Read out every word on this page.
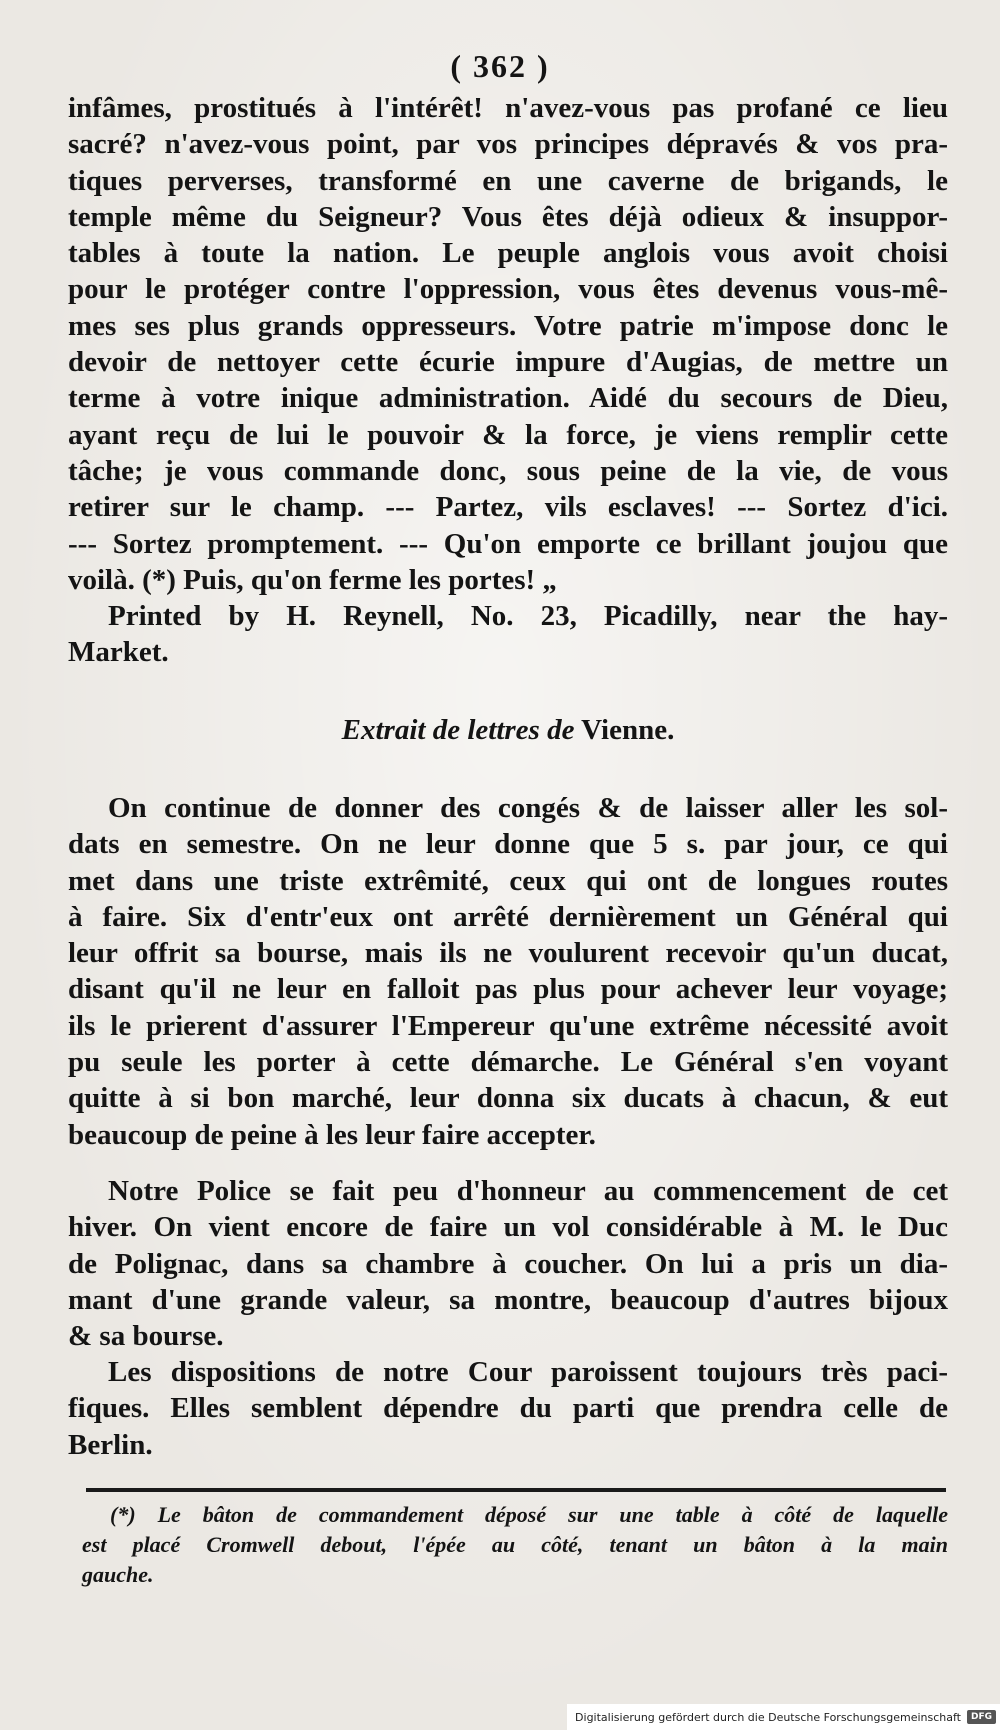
( 362 )
infâmes, prostitués à l'intérêt! n'avez-vous pas profané ce lieu
sacré? n'avez-vous point, par vos principes dépravés & vos pra-
tiques perverses, transformé en une caverne de brigands, le
temple même du Seigneur? Vous êtes déjà odieux & insuppor-
tables à toute la nation. Le peuple anglois vous avoit choisi
pour le protéger contre l'oppression, vous êtes devenus vous-mê-
mes ses plus grands oppresseurs. Votre patrie m'impose donc le
devoir de nettoyer cette écurie impure d'Augias, de mettre un
terme à votre inique administration. Aidé du secours de Dieu,
ayant reçu de lui le pouvoir & la force, je viens remplir cette
tâche; je vous commande donc, sous peine de la vie, de vous
retirer sur le champ. --- Partez, vils esclaves! --- Sortez d'ici.
--- Sortez promptement. --- Qu'on emporte ce brillant joujou que
voilà. (*) Puis, qu'on ferme les portes! „
Printed by H. Reynell, No. 23, Picadilly, near the hay-
Market.
Extrait de lettres de Vienne.
On continue de donner des congés & de laisser aller les sol-
dats en semestre. On ne leur donne que 5 s. par jour, ce qui
met dans une triste extrêmité, ceux qui ont de longues routes
à faire. Six d'entr'eux ont arrêté dernièrement un Général qui
leur offrit sa bourse, mais ils ne voulurent recevoir qu'un ducat,
disant qu'il ne leur en falloit pas plus pour achever leur voyage;
ils le prierent d'assurer l'Empereur qu'une extrême nécessité avoit
pu seule les porter à cette démarche. Le Général s'en voyant
quitte à si bon marché, leur donna six ducats à chacun, & eut
beaucoup de peine à les leur faire accepter.
Notre Police se fait peu d'honneur au commencement de cet
hiver. On vient encore de faire un vol considérable à M. le Duc
de Polignac, dans sa chambre à coucher. On lui a pris un dia-
mant d'une grande valeur, sa montre, beaucoup d'autres bijoux
& sa bourse.
Les dispositions de notre Cour paroissent toujours très paci-
fiques. Elles semblent dépendre du parti que prendra celle de
Berlin.
(*) Le bâton de commandement déposé sur une table à côté de laquelle
est placé Cromwell debout, l'épée au côté, tenant un bâton à la main
gauche.
Digitalisierung gefördert durch die Deutsche Forschungsgemeinschaft	DFG
